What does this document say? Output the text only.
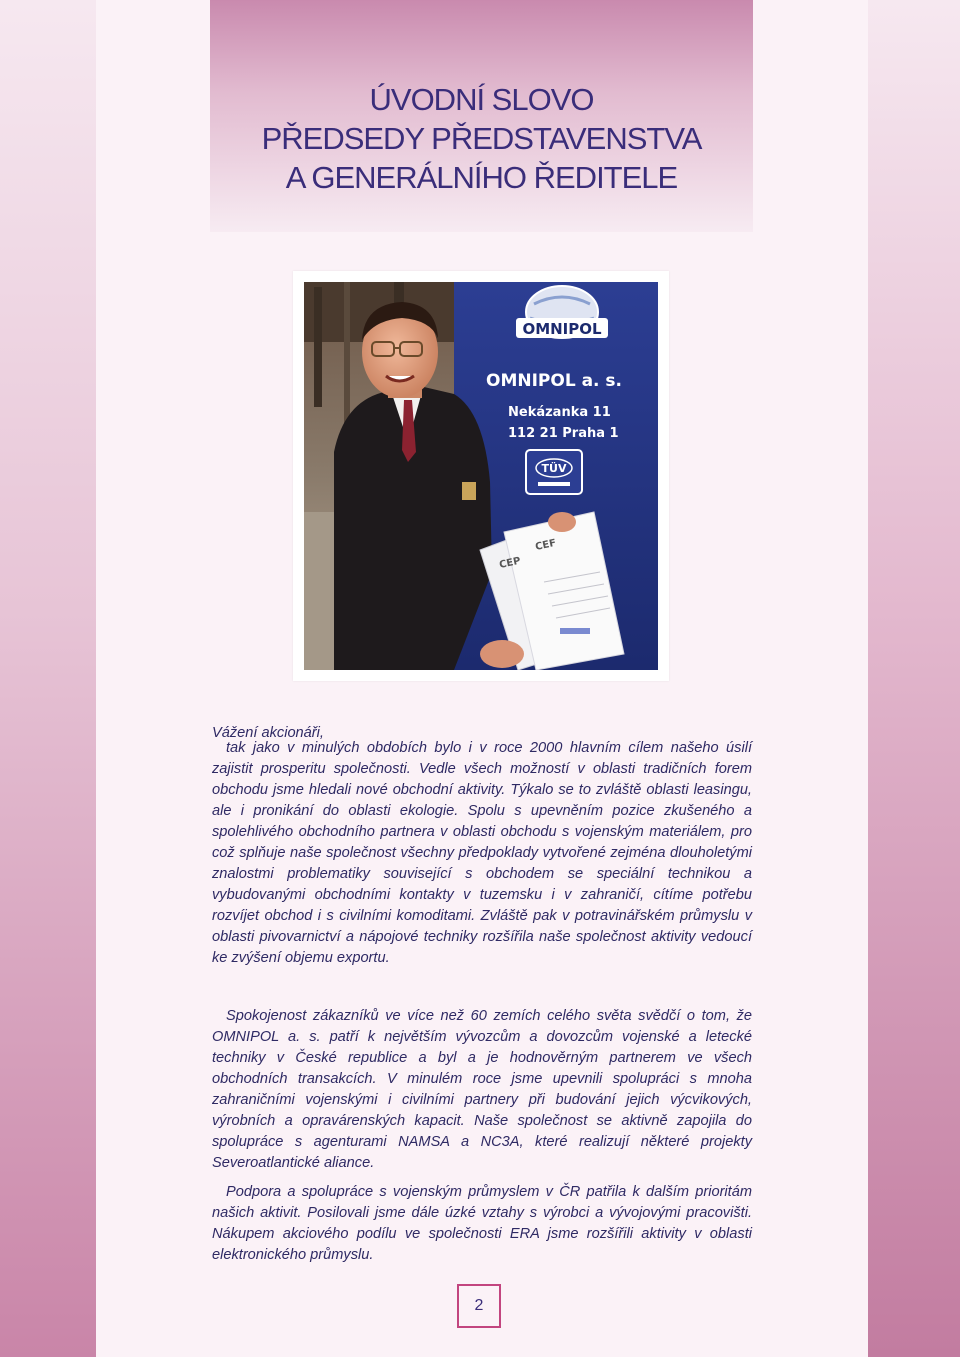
ÚVODNÍ SLOVO
PŘEDSEDY PŘEDSTAVENSTVA
A GENERÁLNÍHO ŘEDITELE
OMNIPOL
OMNIPOL a. s.
Nekázanka 11
112 21 Praha 1
TÜV
CEP
CEF

Vážení akcionáři,

tak jako v minulých obdobích bylo i v roce 2000 hlavním cílem našeho úsilí zajistit prosperitu společnosti. Vedle všech možností v oblasti tradičních forem obchodu jsme hledali nové obchodní aktivity. Týkalo se to zvláště oblasti leasingu, ale i pronikání do oblasti ekologie. Spolu s upevněním pozice zkušeného a spolehlivého obchodního partnera v oblasti obchodu s vojenským materiálem, pro což splňuje naše společnost všechny předpoklady vytvořené zejména dlouholetými znalostmi problematiky související s obchodem se speciální technikou a vybudovanými obchodními kontakty v tuzemsku i v zahraničí, cítíme potřebu rozvíjet obchod i s civilními komoditami. Zvláště pak v potravinářském průmyslu v oblasti pivovarnictví a nápojové techniky rozšířila naše společnost aktivity vedoucí ke zvýšení objemu exportu.

Spokojenost zákazníků ve více než 60 zemích celého světa svědčí o tom, že OMNIPOL a. s. patří k největším vývozcům a dovozcům vojenské a letecké techniky v České republice a byl a je hodnověrným partnerem ve všech obchodních transakcích. V minulém roce jsme upevnili spolupráci s mnoha zahraničními vojenskými i civilními partnery při budování jejich výcvikových, výrobních a opravárenských kapacit. Naše společnost se aktivně zapojila do spolupráce s agenturami NAMSA a NC3A, které realizují některé projekty Severoatlantické aliance.

Podpora a spolupráce s vojenským průmyslem v ČR patřila k dalším prioritám našich aktivit. Posilovali jsme dále úzké vztahy s výrobci a vývojovými pracovišti. Nákupem akciového podílu ve společnosti ERA jsme rozšířili aktivity v oblasti elektronického průmyslu.

2
